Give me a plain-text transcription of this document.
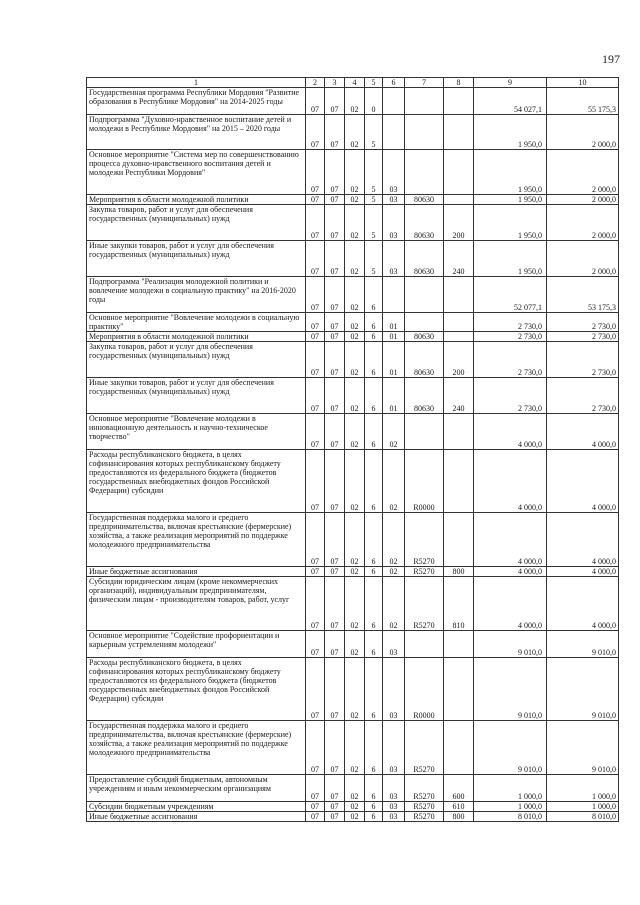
197
1	2	3	4	5	6	7	8	9	10
Государственная программа Республики Мордовия "Развитие образования в Республике Мордовия" на 2014-2025 годы	07	07	02	0				54 027,1	55 175,3
Подпрограмма "Духовно-нравственное воспитание детей и молодежи в Республике Мордовия" на 2015 – 2020 годы	07	07	02	5				1 950,0	2 000,0
Основное мероприятие "Система мер по совершенствованию процесса духовно-нравственного воспитания детей и молодежи Республики Мордовия"	07	07	02	5	03			1 950,0	2 000,0
Мероприятия в области молодежной политики	07	07	02	5	03	80630		1 950,0	2 000,0
Закупка товаров, работ и услуг для обеспечения государственных (муниципальных) нужд	07	07	02	5	03	80630	200	1 950,0	2 000,0
Иные закупки товаров, работ и услуг для обеспечения государственных (муниципальных) нужд	07	07	02	5	03	80630	240	1 950,0	2 000,0
Подпрограмма "Реализация молодежной политики и вовлечение молодежи в социальную практику" на 2016-2020 годы	07	07	02	6				52 077,1	53 175,3
Основное мероприятие "Вовлечение молодежи в социальную практику"	07	07	02	6	01			2 730,0	2 730,0
Мероприятия в области молодежной политики	07	07	02	6	01	80630		2 730,0	2 730,0
Закупка товаров, работ и услуг для обеспечения государственных (муниципальных) нужд	07	07	02	6	01	80630	200	2 730,0	2 730,0
Иные закупки товаров, работ и услуг для обеспечения государственных (муниципальных) нужд	07	07	02	6	01	80630	240	2 730,0	2 730,0
Основное мероприятие "Вовлечение молодежи в инновационную деятельность и научно-техническое творчество"	07	07	02	6	02			4 000,0	4 000,0
Расходы республиканского бюджета, в целях софинансирования которых республиканскому бюджету предоставляются из федерального бюджета (бюджетов государственных внебюджетных фондов Российской Федерации) субсидии	07	07	02	6	02	R0000		4 000,0	4 000,0
Государственная поддержка малого и среднего предпринимательства, включая крестьянские (фермерские) хозяйства, а также реализация мероприятий по поддержке молодежного предпринимательства	07	07	02	6	02	R5270		4 000,0	4 000,0
Иные бюджетные ассигнования	07	07	02	6	02	R5270	800	4 000,0	4 000,0
Субсидии юридическим лицам (кроме некоммерческих организаций), индивидуальным предпринимателям, физическим лицам - производителям товаров, работ, услуг	07	07	02	6	02	R5270	810	4 000,0	4 000,0
Основное мероприятие "Содействие профориентации и карьерным устремлениям молодежи"	07	07	02	6	03			9 010,0	9 010,0
Расходы республиканского бюджета, в целях софинансирования которых республиканскому бюджету предоставляются из федерального бюджета (бюджетов государственных внебюджетных фондов Российской Федерации) субсидии	07	07	02	6	03	R0000		9 010,0	9 010,0
Государственная поддержка малого и среднего предпринимательства, включая крестьянские (фермерские) хозяйства, а также реализация мероприятий по поддержке молодежного предпринимательства	07	07	02	6	03	R5270		9 010,0	9 010,0
Предоставление субсидий бюджетным, автономным учреждениям и иным некоммерческим организациям	07	07	02	6	03	R5270	600	1 000,0	1 000,0
Субсидии бюджетным учреждениям	07	07	02	6	03	R5270	610	1 000,0	1 000,0
Иные бюджетные ассигнования	07	07	02	6	03	R5270	800	8 010,0	8 010,0
